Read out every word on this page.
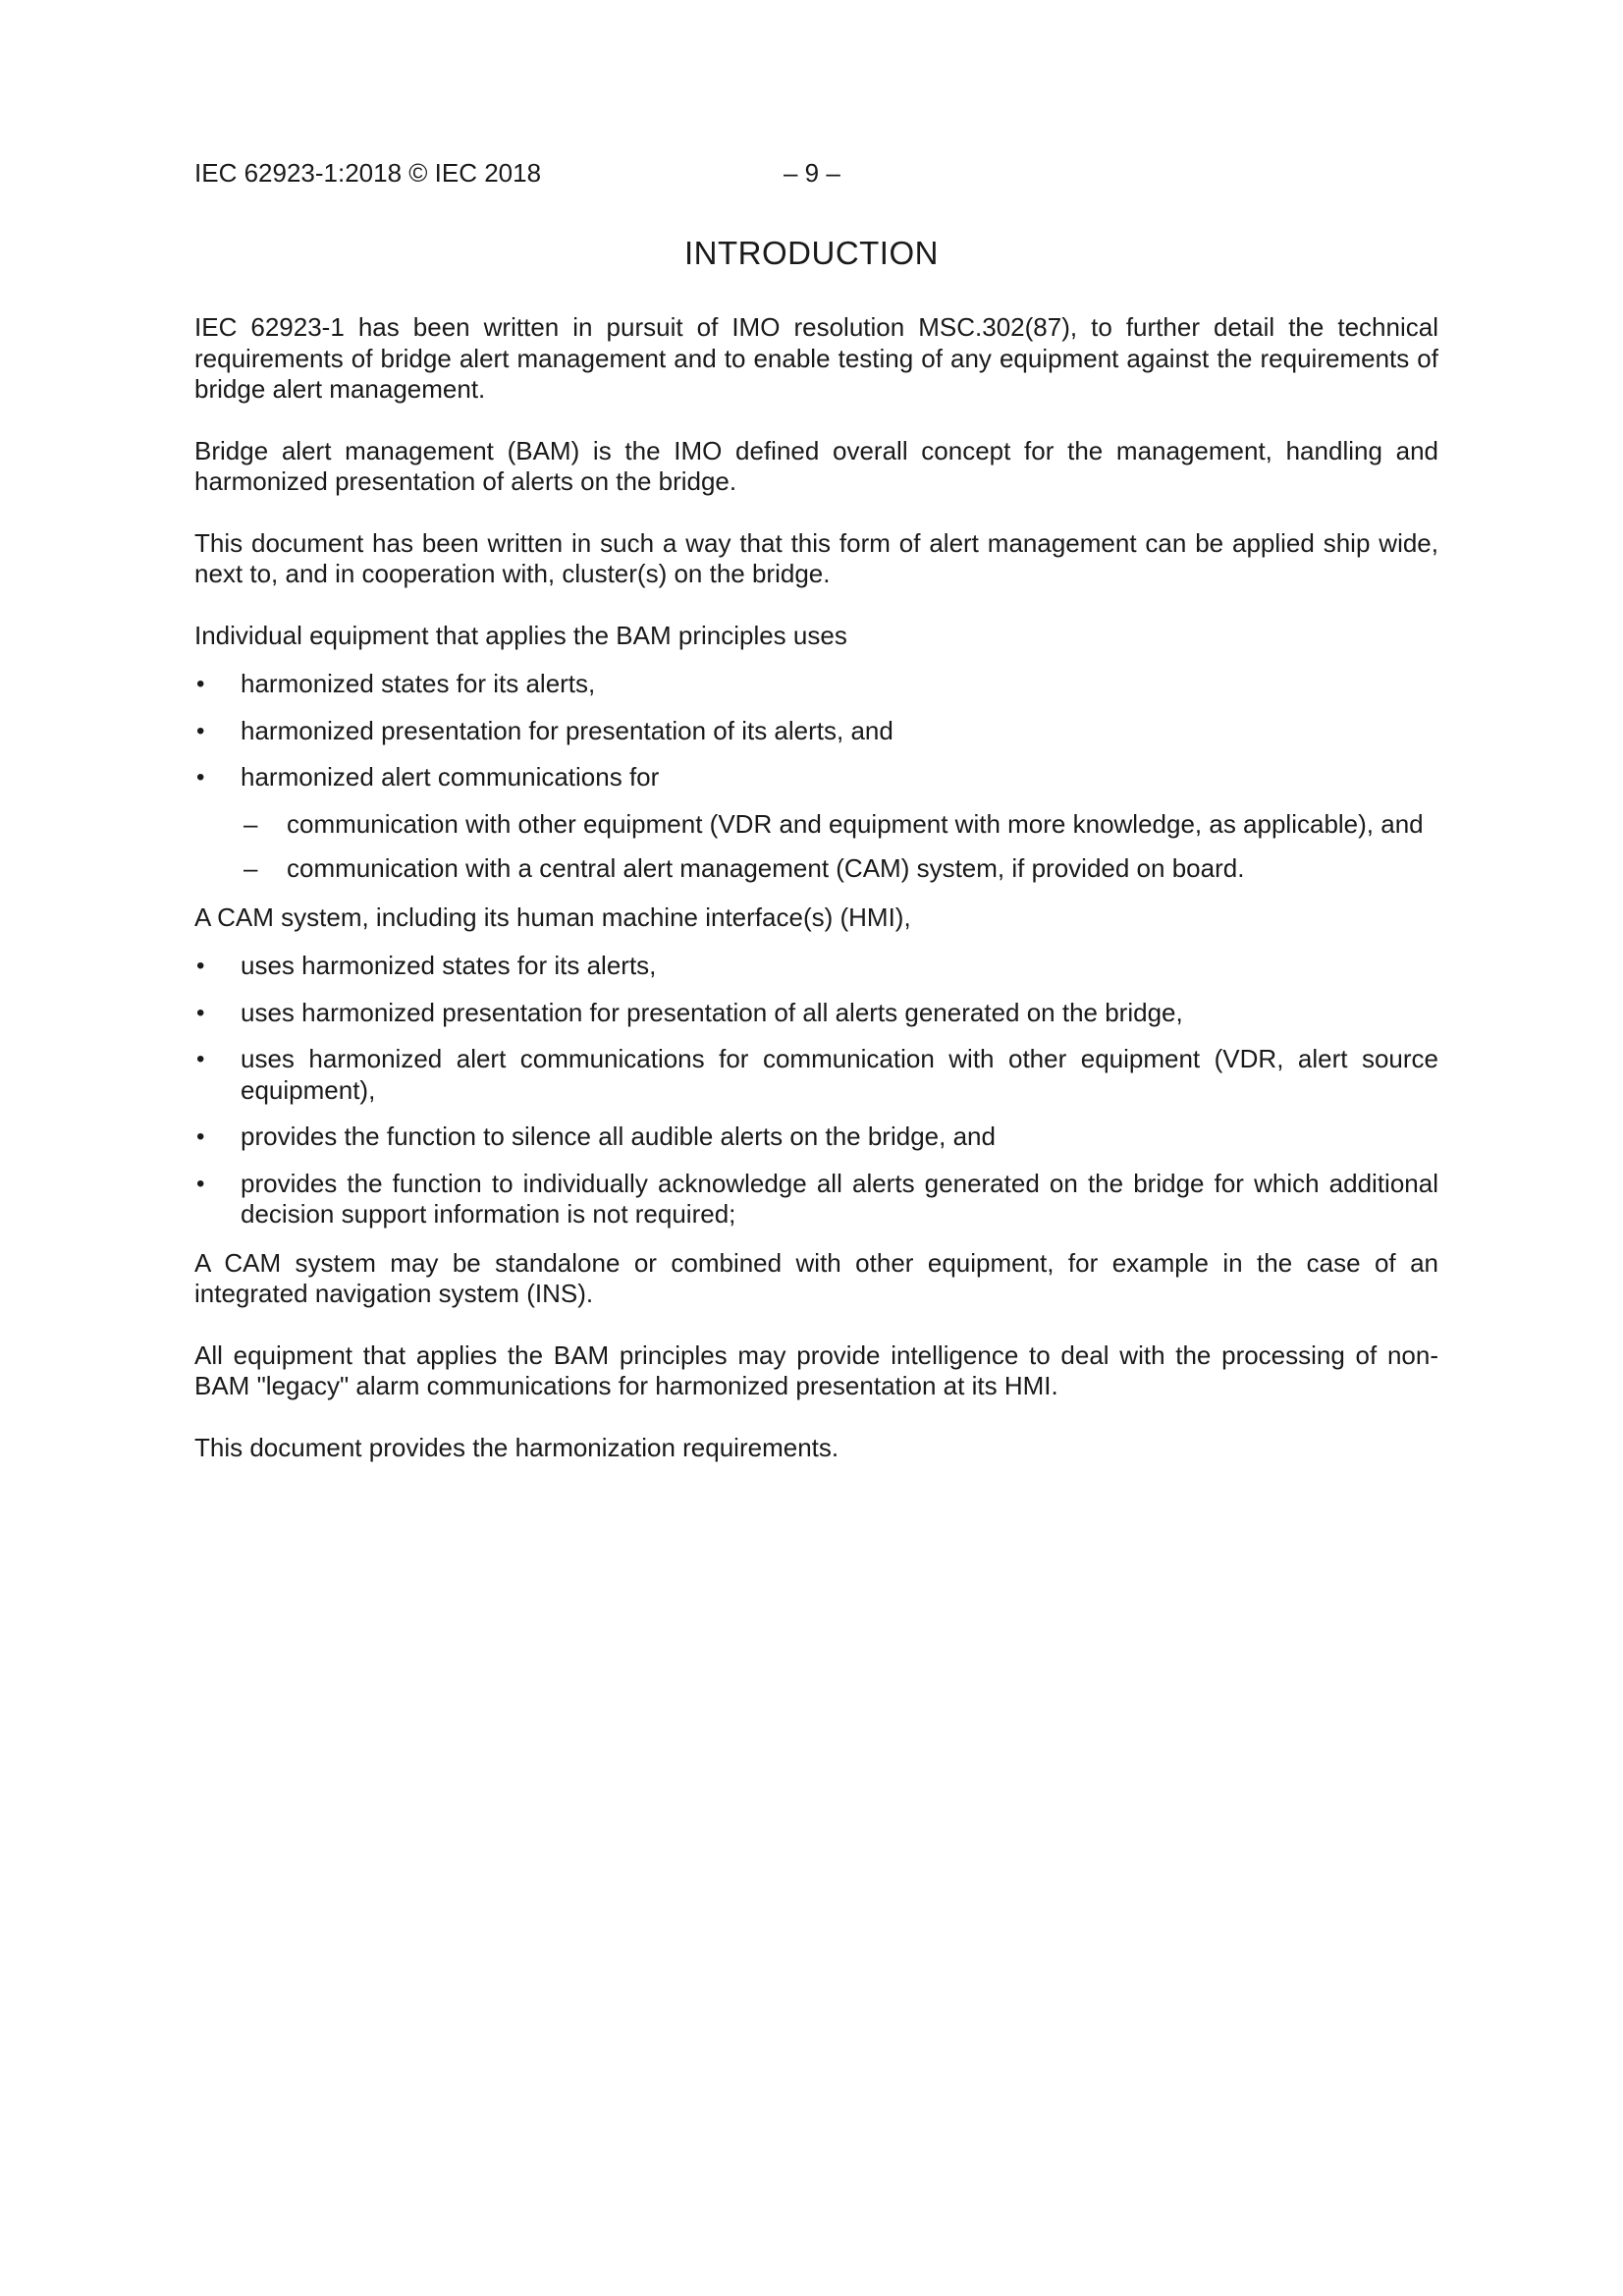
IEC 62923-1:2018 © IEC 2018	– 9 –
INTRODUCTION

IEC 62923-1 has been written in pursuit of IMO resolution MSC.302(87), to further detail the technical requirements of bridge alert management and to enable testing of any equipment against the requirements of bridge alert management.

Bridge alert management (BAM) is the IMO defined overall concept for the management, handling and harmonized presentation of alerts on the bridge.

This document has been written in such a way that this form of alert management can be applied ship wide, next to, and in cooperation with, cluster(s) on the bridge.

Individual equipment that applies the BAM principles uses

• harmonized states for its alerts,
• harmonized presentation for presentation of its alerts, and
• harmonized alert communications for
– communication with other equipment (VDR and equipment with more knowledge, as applicable), and
– communication with a central alert management (CAM) system, if provided on board.

A CAM system, including its human machine interface(s) (HMI),

• uses harmonized states for its alerts,
• uses harmonized presentation for presentation of all alerts generated on the bridge,
• uses harmonized alert communications for communication with other equipment (VDR, alert source equipment),
• provides the function to silence all audible alerts on the bridge, and
• provides the function to individually acknowledge all alerts generated on the bridge for which additional decision support information is not required;

A CAM system may be standalone or combined with other equipment, for example in the case of an integrated navigation system (INS).

All equipment that applies the BAM principles may provide intelligence to deal with the processing of non-BAM "legacy" alarm communications for harmonized presentation at its HMI.

This document provides the harmonization requirements.
